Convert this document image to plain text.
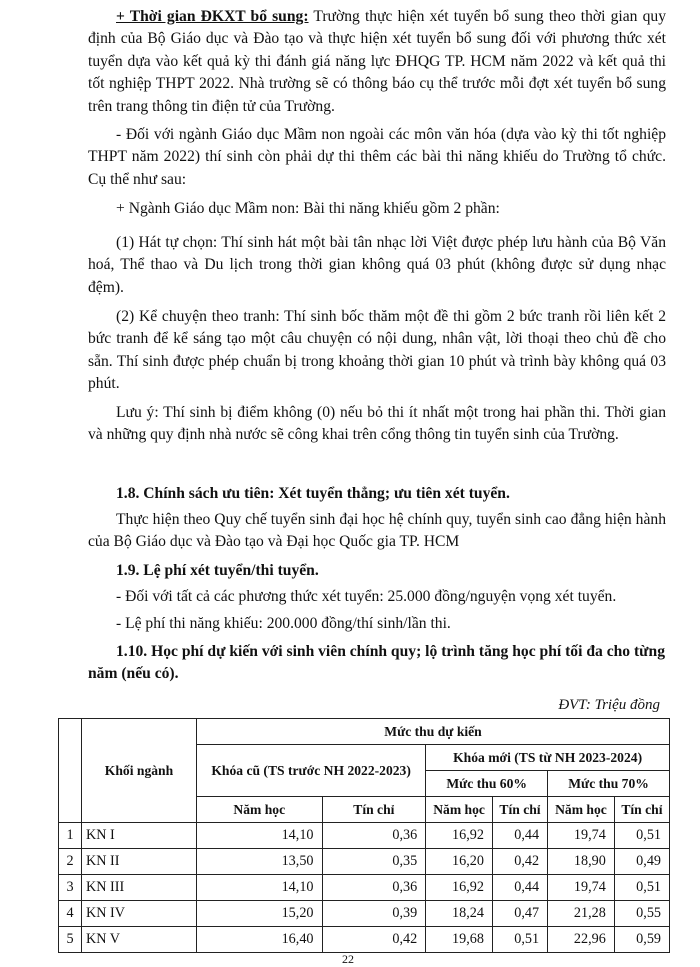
+ Thời gian ĐKXT bổ sung: Trường thực hiện xét tuyển bổ sung theo thời gian quy định của Bộ Giáo dục và Đào tạo và thực hiện xét tuyển bổ sung đối với phương thức xét tuyển dựa vào kết quả kỳ thi đánh giá năng lực ĐHQG TP. HCM năm 2022 và kết quả thi tốt nghiệp THPT 2022. Nhà trường sẽ có thông báo cụ thể trước mỗi đợt xét tuyển bổ sung trên trang thông tin điện tử của Trường.
- Đối với ngành Giáo dục Mầm non ngoài các môn văn hóa (dựa vào kỳ thi tốt nghiệp THPT năm 2022) thí sinh còn phải dự thi thêm các bài thi năng khiếu do Trường tổ chức. Cụ thể như sau:
+ Ngành Giáo dục Mầm non: Bài thi năng khiếu gồm 2 phần:
(1) Hát tự chọn: Thí sinh hát một bài tân nhạc lời Việt được phép lưu hành của Bộ Văn hoá, Thể thao và Du lịch trong thời gian không quá 03 phút (không được sử dụng nhạc đệm).
(2) Kể chuyện theo tranh: Thí sinh bốc thăm một đề thi gồm 2 bức tranh rồi liên kết 2 bức tranh để kể sáng tạo một câu chuyện có nội dung, nhân vật, lời thoại theo chủ đề cho sẵn. Thí sinh được phép chuẩn bị trong khoảng thời gian 10 phút và trình bày không quá 03 phút.
Lưu ý: Thí sinh bị điểm không (0) nếu bỏ thi ít nhất một trong hai phần thi. Thời gian và những quy định nhà nước sẽ công khai trên cổng thông tin tuyển sinh của Trường.
1.8. Chính sách ưu tiên: Xét tuyển thẳng; ưu tiên xét tuyển.
Thực hiện theo Quy chế tuyển sinh đại học hệ chính quy, tuyển sinh cao đẳng hiện hành của Bộ Giáo dục và Đào tạo và Đại học Quốc gia TP. HCM
1.9. Lệ phí xét tuyển/thi tuyển.
- Đối với tất cả các phương thức xét tuyển: 25.000 đồng/nguyện vọng xét tuyển.
- Lệ phí thi năng khiếu: 200.000 đồng/thí sinh/lần thi.
1.10. Học phí dự kiến với sinh viên chính quy; lộ trình tăng học phí tối đa cho từng năm (nếu có).
ĐVT: Triệu đồng
	Khối ngành	Mức thu dự kiến					
		Khóa cũ (TS trước NH 2022-2023)		Khóa mới (TS từ NH 2023-2024)			
				Mức thu 60%		Mức thu 70%	
		Năm học	Tín chỉ	Năm học	Tín chỉ	Năm học	Tín chỉ
1	KN I	14,10	0,36	16,92	0,44	19,74	0,51
2	KN II	13,50	0,35	16,20	0,42	18,90	0,49
3	KN III	14,10	0,36	16,92	0,44	19,74	0,51
4	KN IV	15,20	0,39	18,24	0,47	21,28	0,55
5	KN V	16,40	0,42	19,68	0,51	22,96	0,59
22
